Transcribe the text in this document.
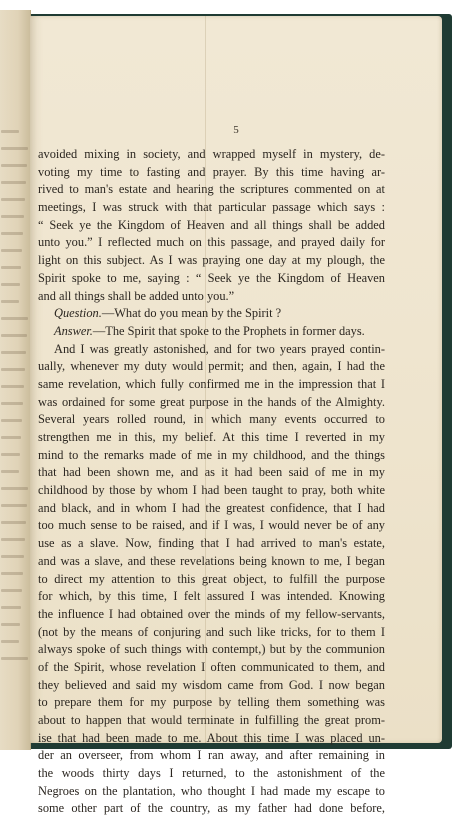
5
avoided mixing in society, and wrapped myself in mystery, de-
voting my time to fasting and prayer. By this time having ar-
rived to man's estate and hearing the scriptures commented on at
meetings, I was struck with that particular passage which says :
“ Seek ye the Kingdom of Heaven and all things shall be added
unto you.” I reflected much on this passage, and prayed daily for
light on this subject. As I was praying one day at my plough, the
Spirit spoke to me, saying : “ Seek ye the Kingdom of Heaven
and all things shall be added unto you.”
Question.—What do you mean by the Spirit ?
Answer.—The Spirit that spoke to the Prophets in former days.
And I was greatly astonished, and for two years prayed contin-
ually, whenever my duty would permit; and then, again, I had the
same revelation, which fully confirmed me in the impression that I
was ordained for some great purpose in the hands of the Almighty.
Several years rolled round, in which many events occurred to
strengthen me in this, my belief. At this time I reverted in my
mind to the remarks made of me in my childhood, and the things
that had been shown me, and as it had been said of me in my
childhood by those by whom I had been taught to pray, both white
and black, and in whom I had the greatest confidence, that I had
too much sense to be raised, and if I was, I would never be of any
use as a slave. Now, finding that I had arrived to man's estate,
and was a slave, and these revelations being known to me, I began
to direct my attention to this great object, to fulfill the purpose
for which, by this time, I felt assured I was intended. Knowing
the influence I had obtained over the minds of my fellow-servants,
(not by the means of conjuring and such like tricks, for to them I
always spoke of such things with contempt,) but by the communion
of the Spirit, whose revelation I often communicated to them, and
they believed and said my wisdom came from God. I now began
to prepare them for my purpose by telling them something was
about to happen that would terminate in fulfilling the great prom-
ise that had been made to me. About this time I was placed un-
der an overseer, from whom I ran away, and after remaining in
the woods thirty days I returned, to the astonishment of the
Negroes on the plantation, who thought I had made my escape to
some other part of the country, as my father had done before,
